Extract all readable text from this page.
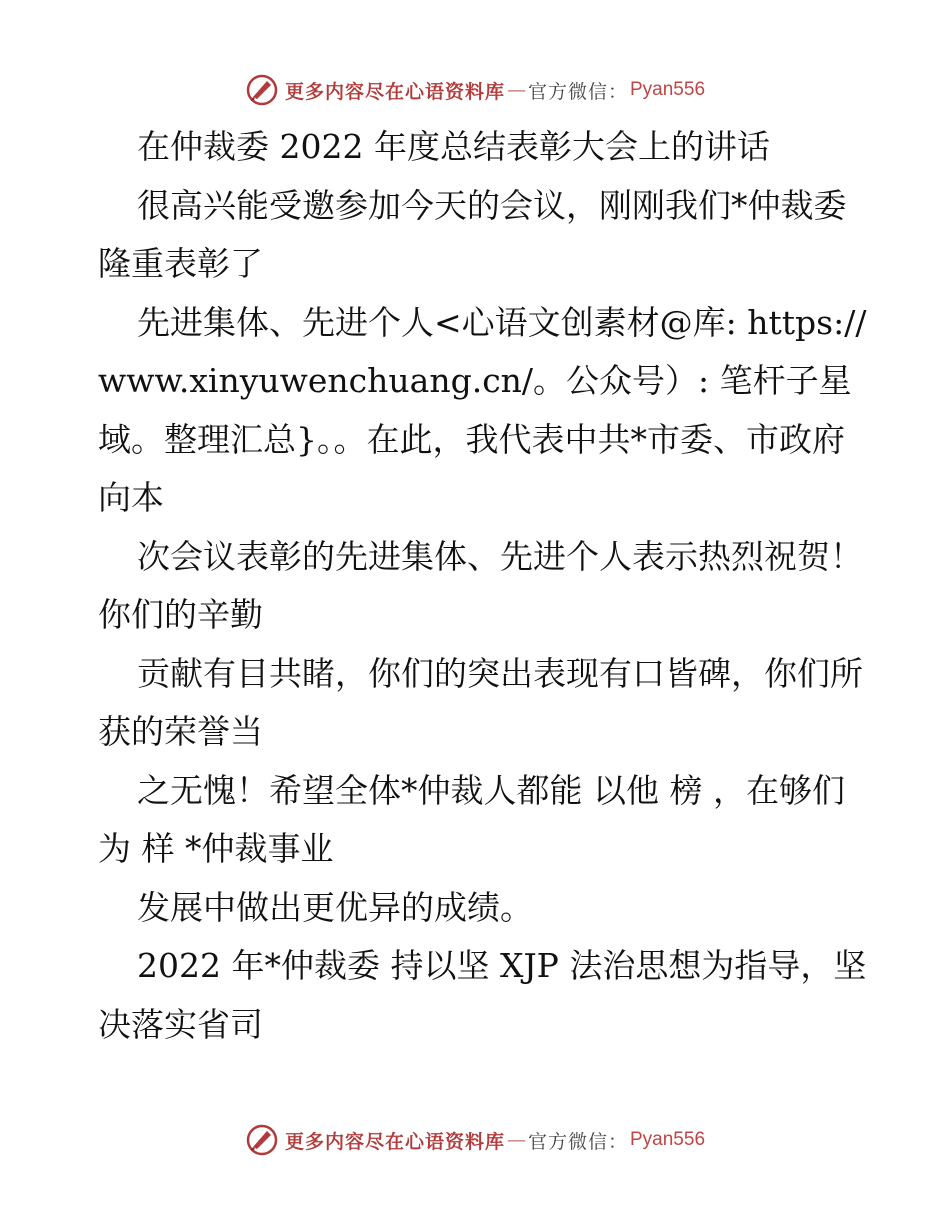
更多内容尽在心语资料库 — 官方微信： Pyan556

在仲裁委 2022 年度总结表彰大会上的讲话

很高兴能受邀参加今天的会议，刚刚我们*仲裁委隆重表彰了

先进集体、先进个人<心语文创素材@库: https://www.xinyuwenchuang.cn/。公众号）: 笔杆子星域。整理汇总}。。在此，我代表中共*市委、市政府向本

次会议表彰的先进集体、先进个人表示热烈祝贺！你们的辛勤

贡献有目共睹，你们的突出表现有口皆碑，你们所获的荣誉当

之无愧！希望全体*仲裁人都能 以他 榜 ，在够们为 样 *仲裁事业

发展中做出更优异的成绩。

2022 年*仲裁委 持以坚 XJP 法治思想为指导，坚决落实省司

更多内容尽在心语资料库 — 官方微信： Pyan556
